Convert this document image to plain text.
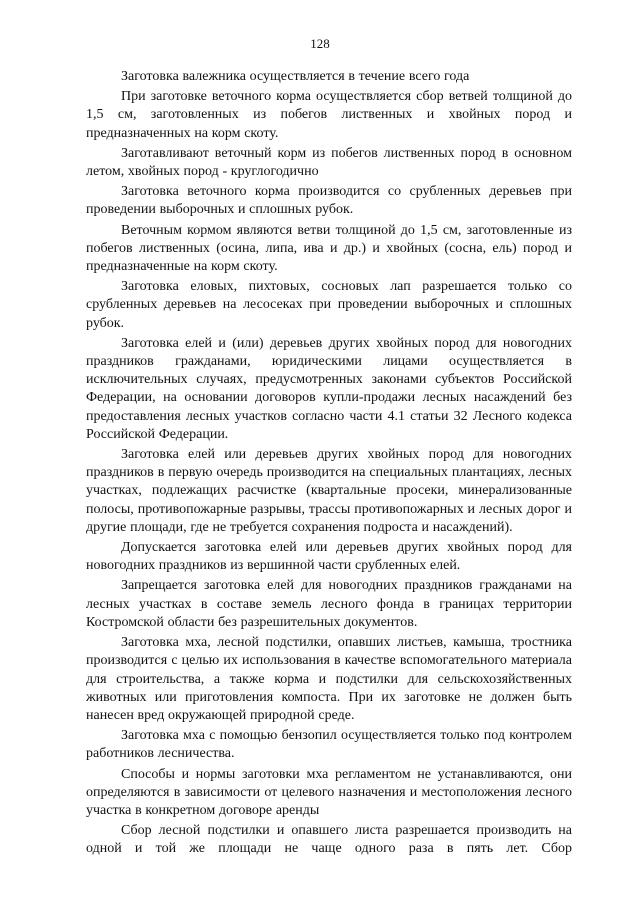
128

Заготовка валежника осуществляется в течение всего года

При заготовке веточного корма осуществляется сбор ветвей толщиной до 1,5 см, заготовленных из побегов лиственных и хвойных пород и предназначенных на корм скоту.

Заготавливают веточный корм из побегов лиственных пород в основном летом, хвойных пород - круглогодично

Заготовка веточного корма производится со срубленных деревьев при проведении выборочных и сплошных рубок.

Веточным кормом являются ветви толщиной до 1,5 см, заготовленные из побегов лиственных (осина, липа, ива и др.) и хвойных (сосна, ель) пород и предназначенные на корм скоту.

Заготовка еловых, пихтовых, сосновых лап разрешается только со срубленных деревьев на лесосеках при проведении выборочных и сплошных рубок.

Заготовка елей и (или) деревьев других хвойных пород для новогодних праздников гражданами, юридическими лицами осуществляется в исключительных случаях, предусмотренных законами субъектов Российской Федерации, на основании договоров купли-продажи лесных насаждений без предоставления лесных участков согласно части 4.1 статьи 32 Лесного кодекса Российской Федерации.

Заготовка елей или деревьев других хвойных пород для новогодних праздников в первую очередь производится на специальных плантациях, лесных участках, подлежащих расчистке (квартальные просеки, минерализованные полосы, противопожарные разрывы, трассы противопожарных и лесных дорог и другие площади, где не требуется сохранения подроста и насаждений).

Допускается заготовка елей или деревьев других хвойных пород для новогодних праздников из вершинной части срубленных елей.

Запрещается заготовка елей для новогодних праздников гражданами на лесных участках в составе земель лесного фонда в границах территории Костромской области без разрешительных документов.

Заготовка мха, лесной подстилки, опавших листьев, камыша, тростника производится с целью их использования в качестве вспомогательного материала для строительства, а также корма и подстилки для сельскохозяйственных животных или приготовления компоста. При их заготовке не должен быть нанесен вред окружающей природной среде.

Заготовка мха с помощью бензопил осуществляется только под контролем работников лесничества.

Способы и нормы заготовки мха регламентом не устанавливаются, они определяются в зависимости от целевого назначения и местоположения лесного участка в конкретном договоре аренды

Сбор лесной подстилки и опавшего листа разрешается производить на одной и той же площади не чаще одного раза в пять лет. Сбор
